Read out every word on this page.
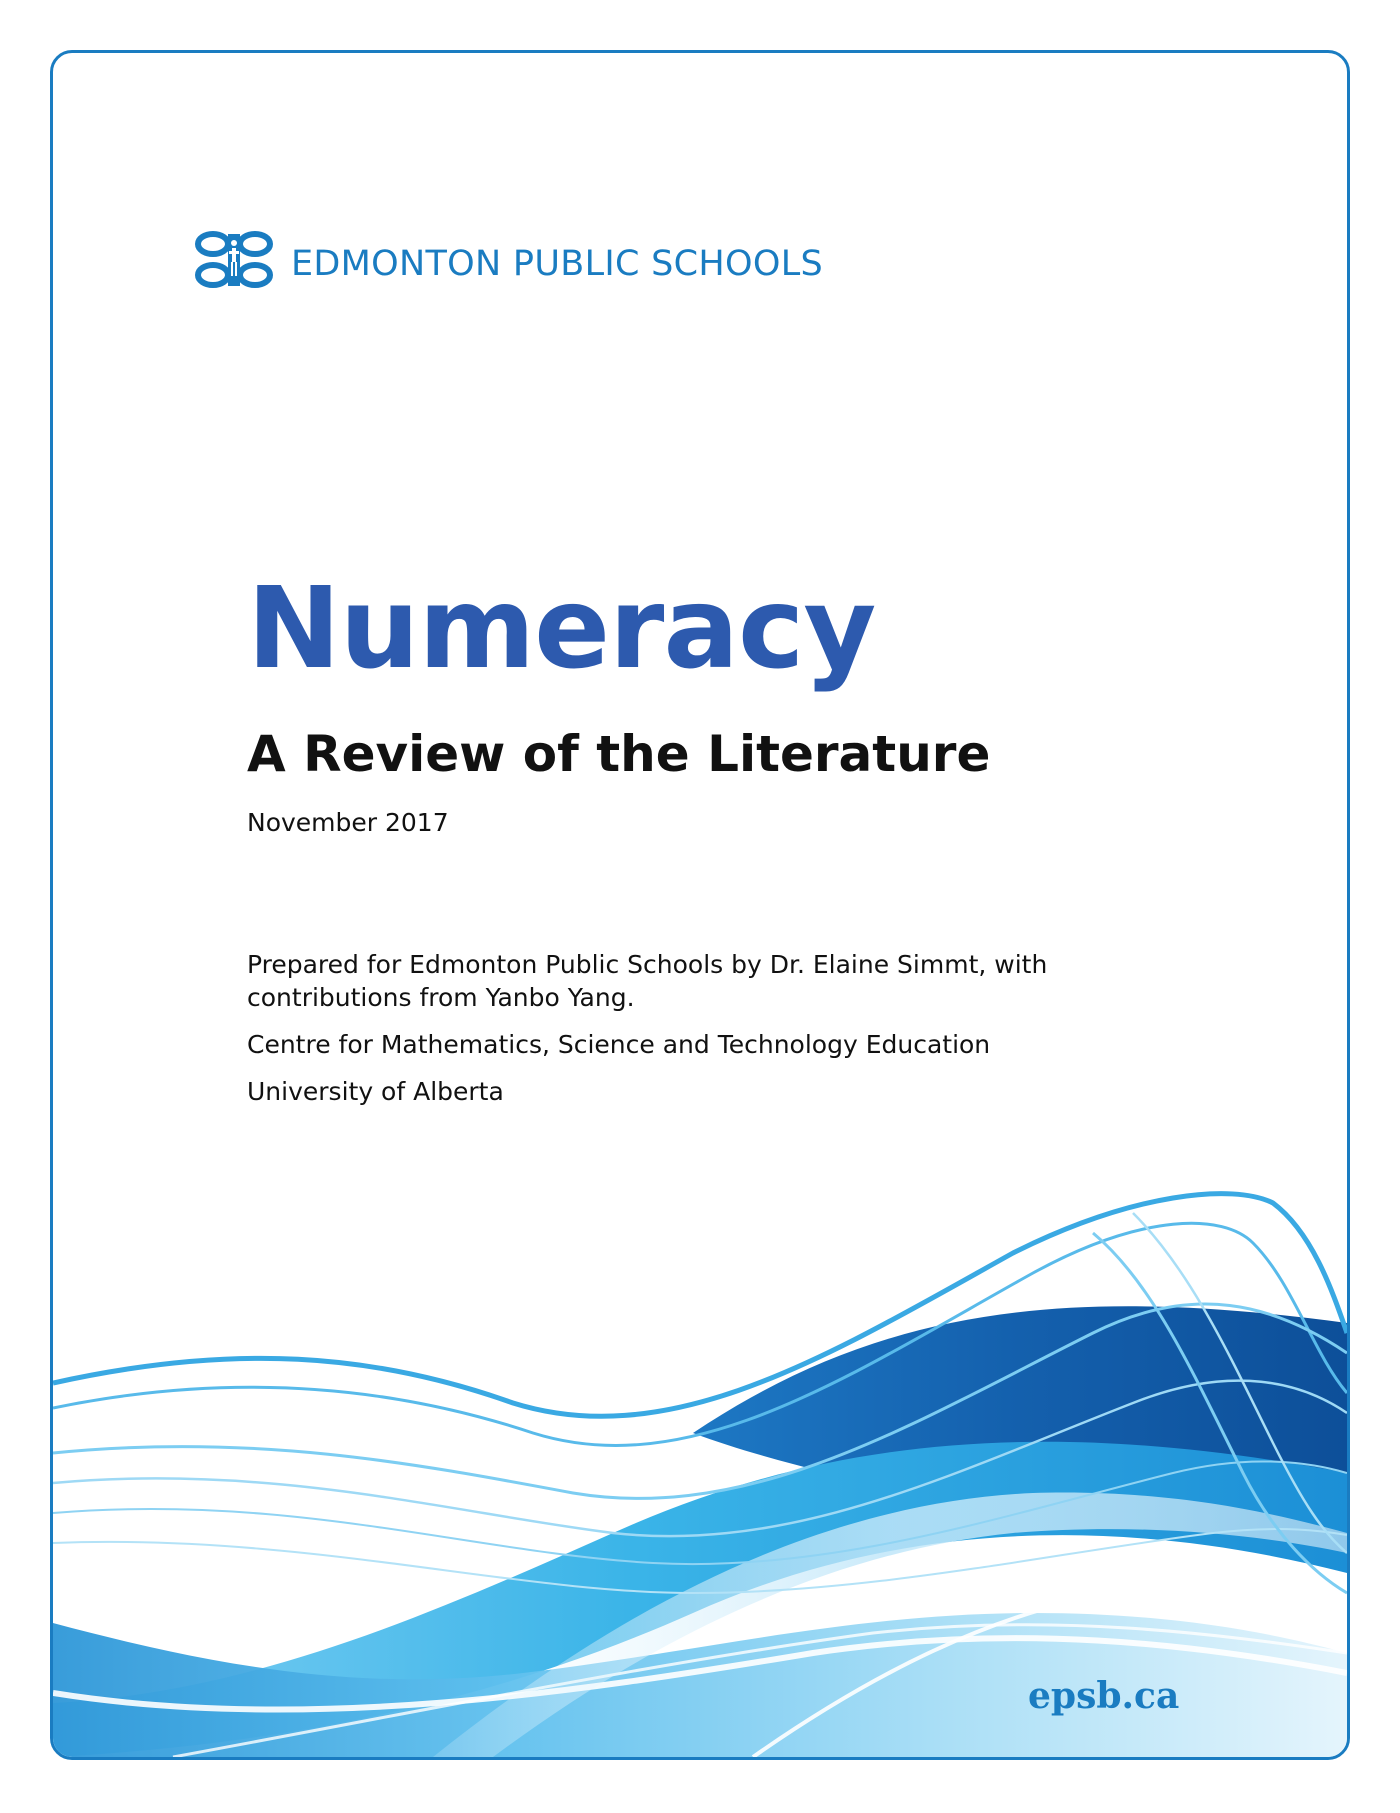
EDMONTON PUBLIC SCHOOLS
Numeracy
A Review of the Literature
November 2017

Prepared for Edmonton Public Schools by Dr. Elaine Simmt, with contributions from Yanbo Yang.

Centre for Mathematics, Science and Technology Education

University of Alberta

epsb.ca
